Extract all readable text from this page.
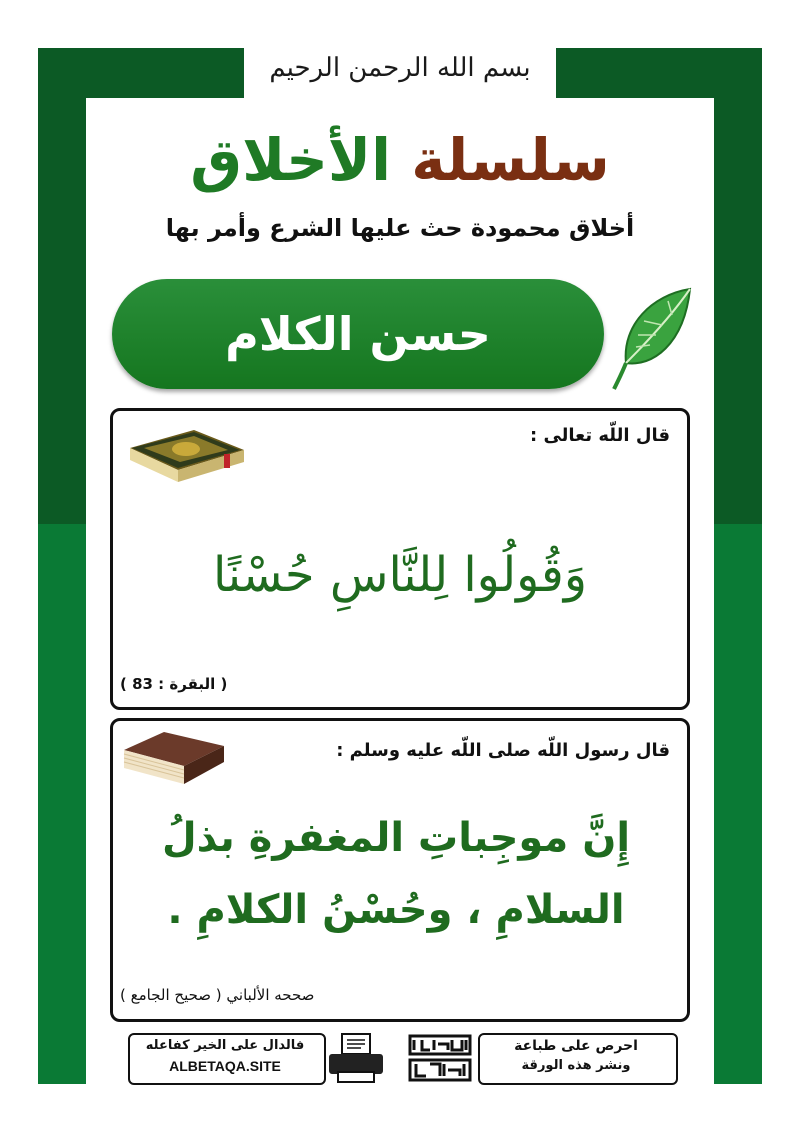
بسم الله الرحمن الرحيم
سلسلة الأخلاق
أخلاق محمودة حث عليها الشرع وأمر بها
حسن الكلام
قال اللّه تعالى :
وَقُولُوا لِلنَّاسِ حُسْنًا
( البقرة : 83 )
قال رسول اللّه صلى اللّه عليه وسلم :
إِنَّ موجِباتِ المغفرةِ بذلُ
السلامِ ، وحُسْنُ الكلامِ .
صححه الألباني ( صحيح الجامع )
احرص على طباعة
ونشر هذه الورقة
فالدال على الخير كفاعله
ALBETAQA.SITE
